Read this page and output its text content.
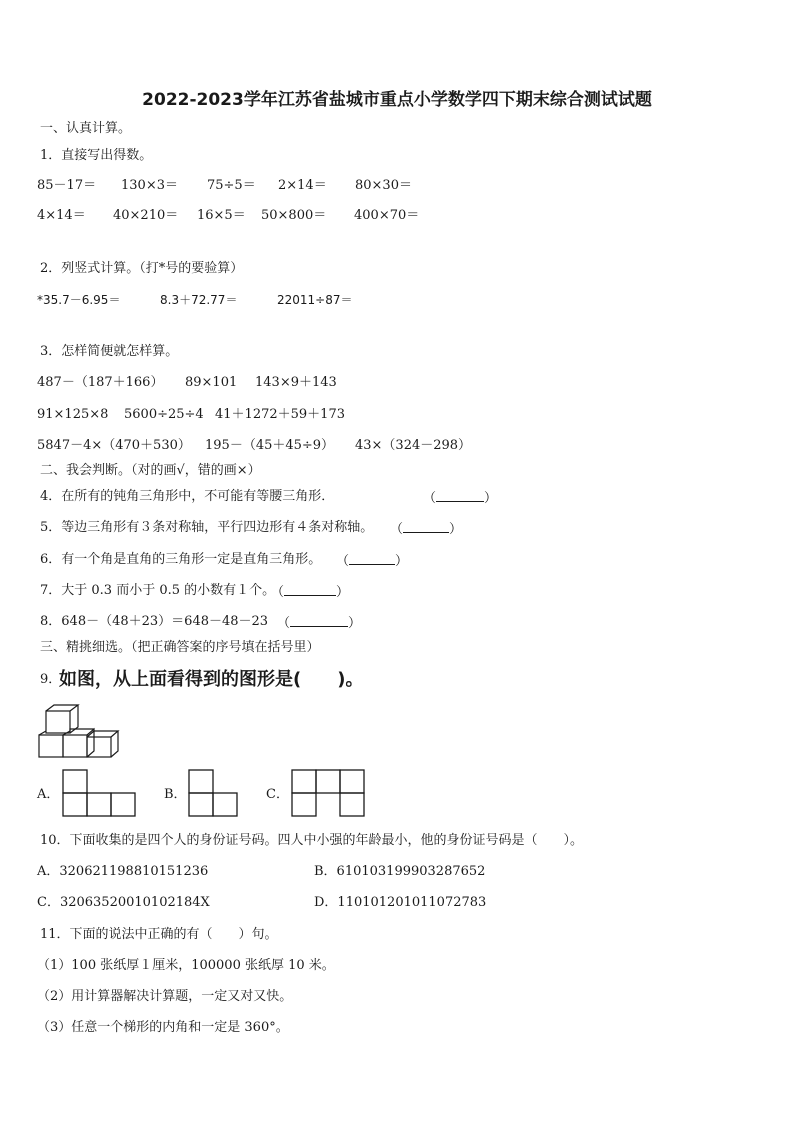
2022-2023学年江苏省盐城市重点小学数学四下期末综合测试试题
一、认真计算。
1．直接写出得数。
85－17＝ 130×3＝ 75÷5＝ 2×14＝ 80×30＝
4×14＝ 40×210＝ 16×5＝ 50×800＝ 400×70＝
2．列竖式计算。（打*号的要验算）
*35.7－6.95＝	8.3＋72.77＝	22011÷87＝
3．怎样简便就怎样算。
487－（187＋166） 89×101 143×9＋143
91×125×8 5600÷25÷4 41＋1272＋59＋173
5847－4×（470＋530） 195－（45＋45÷9） 43×（324－298）
二、我会判断。（对的画√，错的画×）
4．在所有的钝角三角形中，不可能有等腰三角形．	（	）
5．等边三角形有３条对称轴，平行四边形有４条对称轴。 （	）
6．有一个角是直角的三角形一定是直角三角形。 （	）
7．大于 0.3 而小于 0.5 的小数有１个。
（	）
8．648－（48＋23）＝648－48－23 （	）
三、精挑细选。（把正确答案的序号填在括号里）
9．
如图，从上面看得到的图形是(　　)。
A．	B．	C．
10．下面收集的是四个人的身份证号码。四人中小强的年龄最小，他的身份证号码是（　　）。
A．320621198810151236	B．610103199903287652
C．32063520010102184X	D．110101201011072783
11．下面的说法中正确的有（　　）句。
（1）100 张纸厚１厘米，100000 张纸厚 10 米。
（2）用计算器解决计算题，一定又对又快。
（3）任意一个梯形的内角和一定是 360°。
